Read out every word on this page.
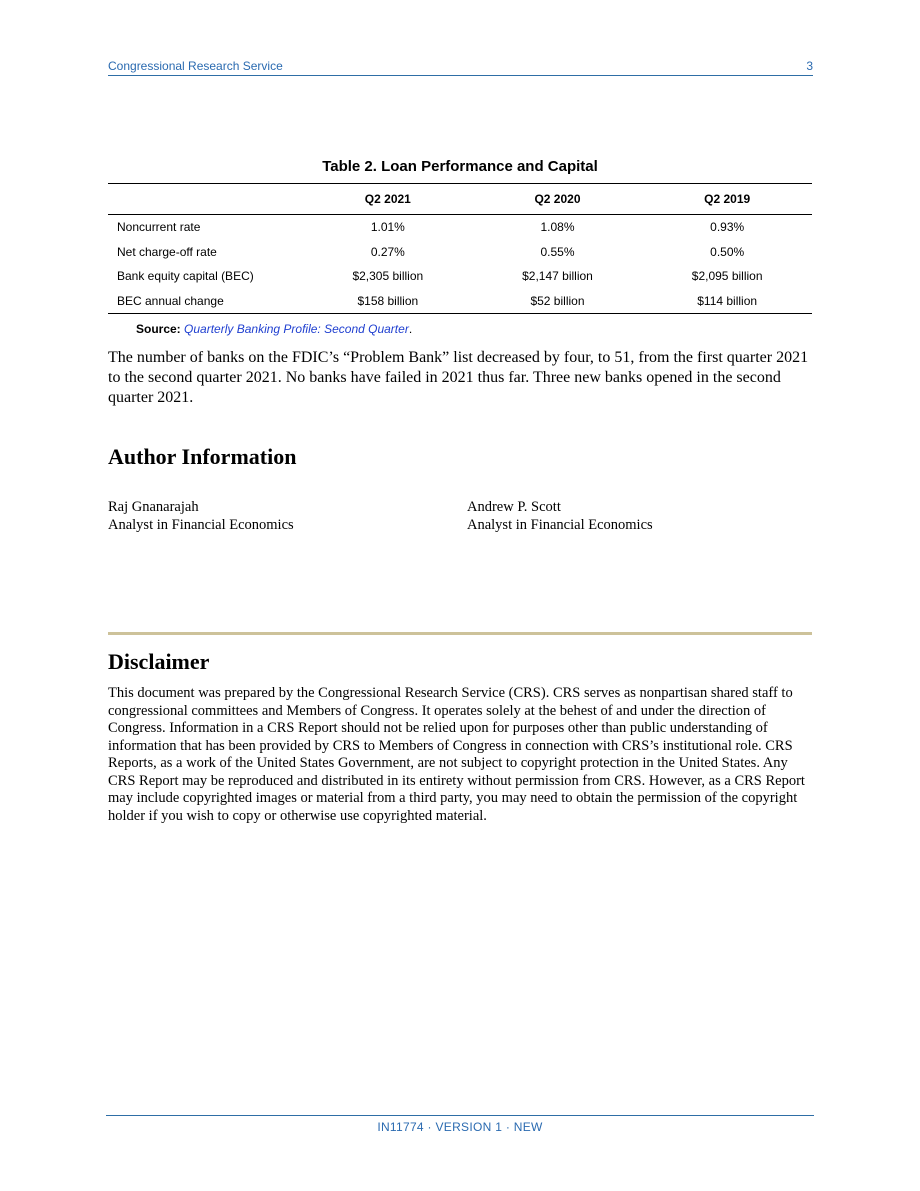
Congressional Research Service	3
Table 2. Loan Performance and Capital
	Q2 2021	Q2 2020	Q2 2019
Noncurrent rate	1.01%	1.08%	0.93%
Net charge-off rate	0.27%	0.55%	0.50%
Bank equity capital (BEC)	$2,305 billion	$2,147 billion	$2,095 billion
BEC annual change	$158 billion	$52 billion	$114 billion
Source: Quarterly Banking Profile: Second Quarter.
The number of banks on the FDIC’s “Problem Bank” list decreased by four, to 51, from the first quarter 2021 to the second quarter 2021. No banks have failed in 2021 thus far. Three new banks opened in the second quarter 2021.
Author Information
Raj Gnanarajah
Analyst in Financial Economics
Andrew P. Scott
Analyst in Financial Economics
Disclaimer
This document was prepared by the Congressional Research Service (CRS). CRS serves as nonpartisan shared staff to congressional committees and Members of Congress. It operates solely at the behest of and under the direction of Congress. Information in a CRS Report should not be relied upon for purposes other than public understanding of information that has been provided by CRS to Members of Congress in connection with CRS’s institutional role. CRS Reports, as a work of the United States Government, are not subject to copyright protection in the United States. Any CRS Report may be reproduced and distributed in its entirety without permission from CRS. However, as a CRS Report may include copyrighted images or material from a third party, you may need to obtain the permission of the copyright holder if you wish to copy or otherwise use copyrighted material.
IN11774 · VERSION 1 · NEW
